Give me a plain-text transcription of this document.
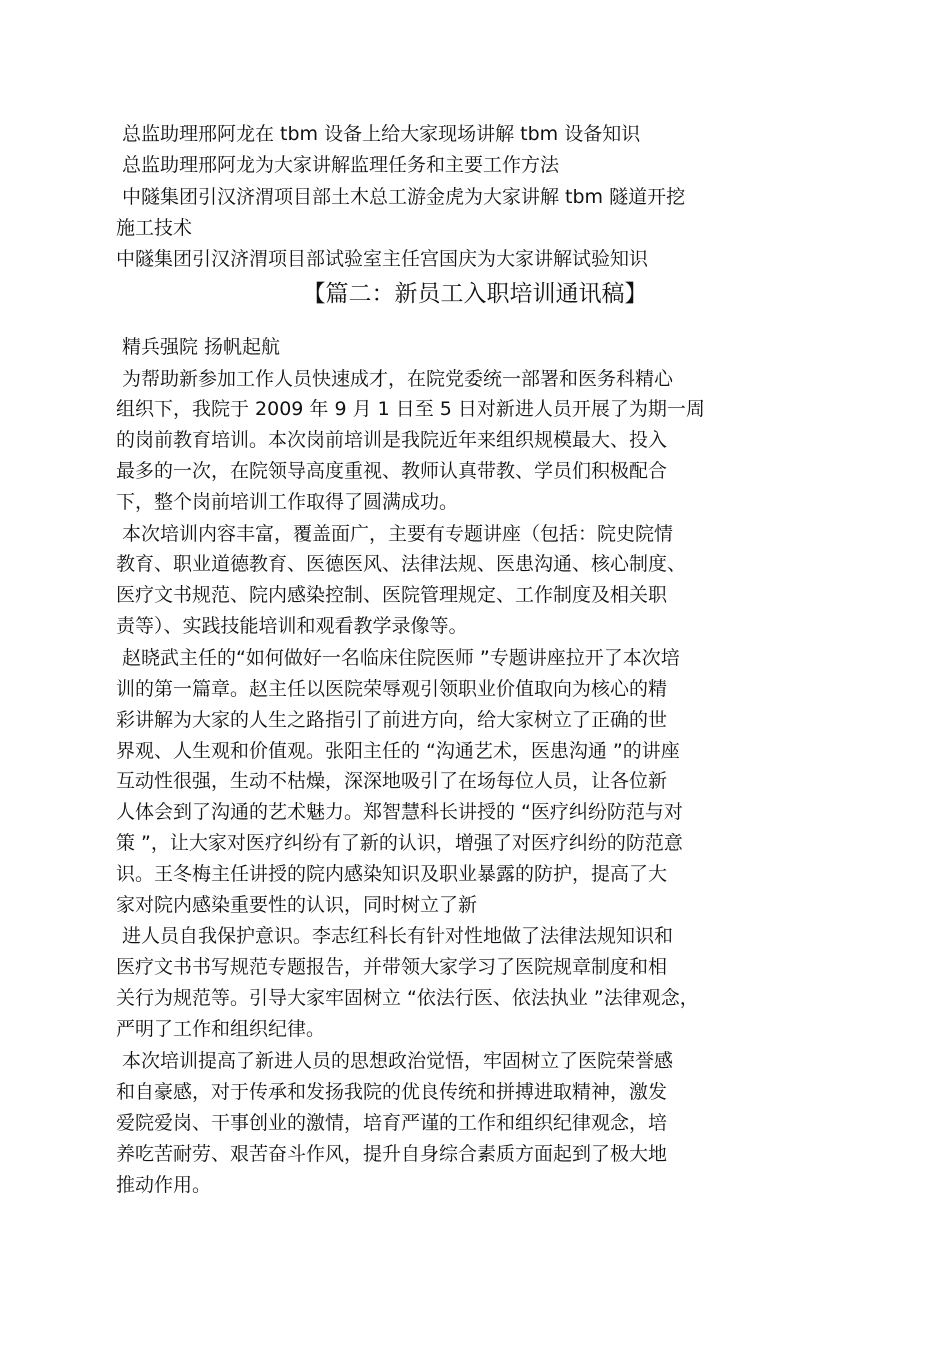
总监助理邢阿龙在 tbm 设备上给大家现场讲解 tbm 设备知识
总监助理邢阿龙为大家讲解监理任务和主要工作方法
中隧集团引汉济渭项目部土木总工游金虎为大家讲解 tbm 隧道开挖
施工技术
中隧集团引汉济渭项目部试验室主任宫国庆为大家讲解试验知识
【篇二：新员工入职培训通讯稿】
精兵强院 扬帆起航
为帮助新参加工作人员快速成才，在院党委统一部署和医务科精心
组织下，我院于 2009 年 9 月 1 日至 5 日对新进人员开展了为期一周
的岗前教育培训。本次岗前培训是我院近年来组织规模最大、投入
最多的一次，在院领导高度重视、教师认真带教、学员们积极配合
下，整个岗前培训工作取得了圆满成功。
本次培训内容丰富，覆盖面广，主要有专题讲座（包括：院史院情
教育、职业道德教育、医德医风、法律法规、医患沟通、核心制度、
医疗文书规范、院内感染控制、医院管理规定、工作制度及相关职
责等）、实践技能培训和观看教学录像等。
赵晓武主任的“如何做好一名临床住院医师 ”专题讲座拉开了本次培
训的第一篇章。赵主任以医院荣辱观引领职业价值取向为核心的精
彩讲解为大家的人生之路指引了前进方向，给大家树立了正确的世
界观、人生观和价值观。张阳主任的 “沟通艺术，医患沟通 ”的讲座
互动性很强，生动不枯燥，深深地吸引了在场每位人员，让各位新
人体会到了沟通的艺术魅力。郑智慧科长讲授的 “医疗纠纷防范与对
策 ”，让大家对医疗纠纷有了新的认识，增强了对医疗纠纷的防范意
识。王冬梅主任讲授的院内感染知识及职业暴露的防护，提高了大
家对院内感染重要性的认识，同时树立了新
进人员自我保护意识。李志红科长有针对性地做了法律法规知识和
医疗文书书写规范专题报告，并带领大家学习了医院规章制度和相
关行为规范等。引导大家牢固树立 “依法行医、依法执业 ”法律观念，
严明了工作和组织纪律。
本次培训提高了新进人员的思想政治觉悟，牢固树立了医院荣誉感
和自豪感，对于传承和发扬我院的优良传统和拼搏进取精神，激发
爱院爱岗、干事创业的激情，培育严谨的工作和组织纪律观念，培
养吃苦耐劳、艰苦奋斗作风，提升自身综合素质方面起到了极大地
推动作用。
